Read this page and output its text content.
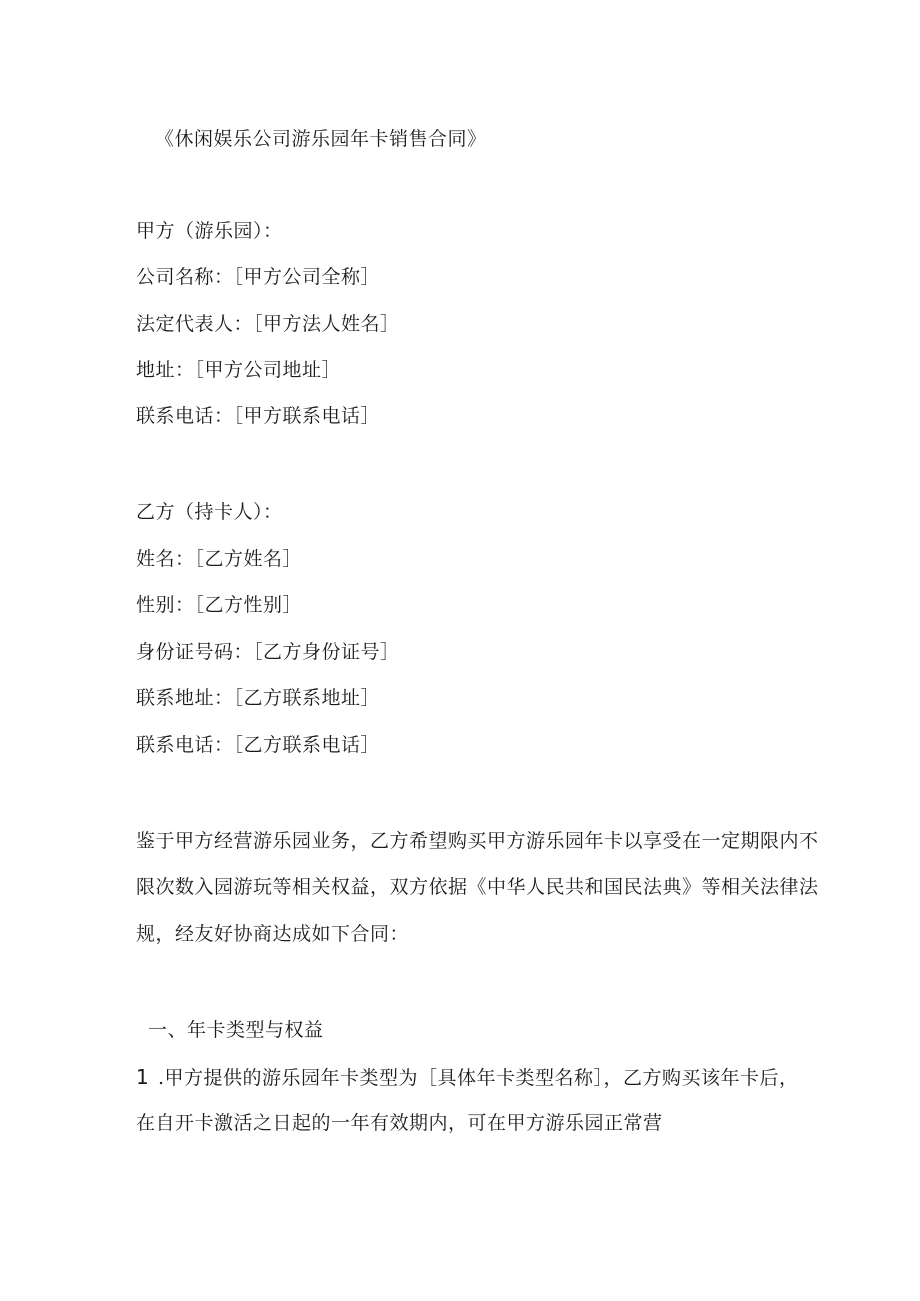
《休闲娱乐公司游乐园年卡销售合同》
甲方（游乐园）：
公司名称：［甲方公司全称］
法定代表人：［甲方法人姓名］
地址：［甲方公司地址］
联系电话：［甲方联系电话］
乙方（持卡人）：
姓名：［乙方姓名］
性别：［乙方性别］
身份证号码：［乙方身份证号］
联系地址：［乙方联系地址］
联系电话：［乙方联系电话］
鉴于甲方经营游乐园业务，乙方希望购买甲方游乐园年卡以享受在一定期限内不
限次数入园游玩等相关权益，双方依据《中华人民共和国民法典》等相关法律法
规，经友好协商达成如下合同：
一、年卡类型与权益
1 .甲方提供的游乐园年卡类型为［具体年卡类型名称］，乙方购买该年卡后，
在自开卡激活之日起的一年有效期内，可在甲方游乐园正常营
